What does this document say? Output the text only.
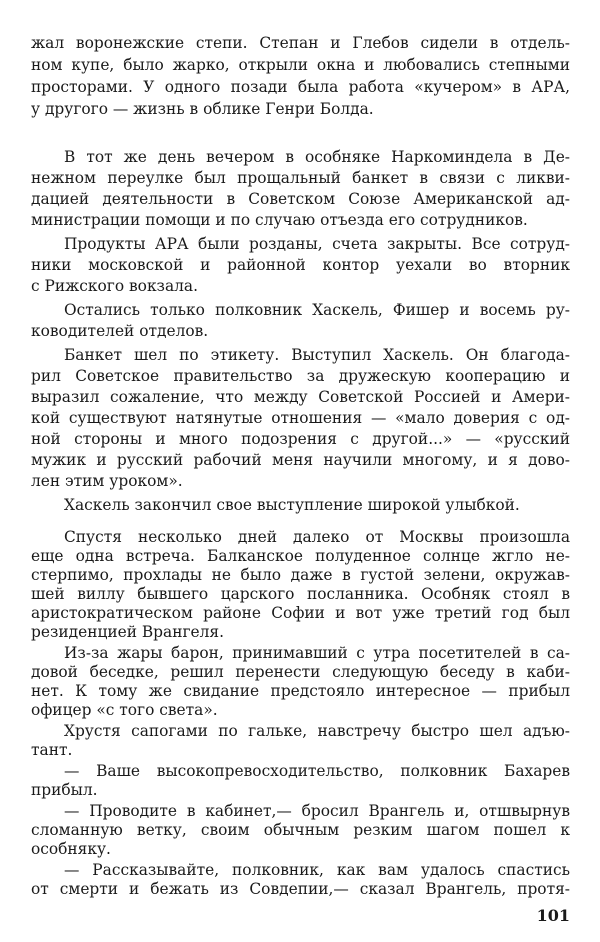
жал воронежские степи. Степан и Глебов сидели в отдель-
ном купе, было жарко, открыли окна и любовались степными
просторами. У одного позади была работа «кучером» в АРА,
у другого — жизнь в облике Генри Болда.
В тот же день вечером в особняке Наркоминдела в Де-
нежном переулке был прощальный банкет в связи с ликви-
дацией деятельности в Советском Союзе Американской ад-
министрации помощи и по случаю отъезда его сотрудников.
Продукты АРА были розданы, счета закрыты. Все сотруд-
ники московской и районной контор уехали во вторник
с Рижского вокзала.
Остались только полковник Хаскель, Фишер и восемь ру-
ководителей отделов.
Банкет шел по этикету. Выступил Хаскель. Он благода-
рил Советское правительство за дружескую кооперацию и
выразил сожаление, что между Советской Россией и Амери-
кой существуют натянутые отношения — «мало доверия с од-
ной стороны и много подозрения с другой...» — «русский
мужик и русский рабочий меня научили многому, и я дово-
лен этим уроком».
Хаскель закончил свое выступление широкой улыбкой.
Спустя несколько дней далеко от Москвы произошла
еще одна встреча. Балканское полуденное солнце жгло не-
стерпимо, прохлады не было даже в густой зелени, окружав-
шей виллу бывшего царского посланника. Особняк стоял в
аристократическом районе Софии и вот уже третий год был
резиденцией Врангеля.
Из-за жары барон, принимавший с утра посетителей в са-
довой беседке, решил перенести следующую беседу в каби-
нет. К тому же свидание предстояло интересное — прибыл
офицер «с того света».
Хрустя сапогами по гальке, навстречу быстро шел адъю-
тант.
— Ваше высокопревосходительство, полковник Бахарев
прибыл.
— Проводите в кабинет,— бросил Врангель и, отшвырнув
сломанную ветку, своим обычным резким шагом пошел к
особняку.
— Рассказывайте, полковник, как вам удалось спастись
от смерти и бежать из Совдепии,— сказал Врангель, протя-
101
